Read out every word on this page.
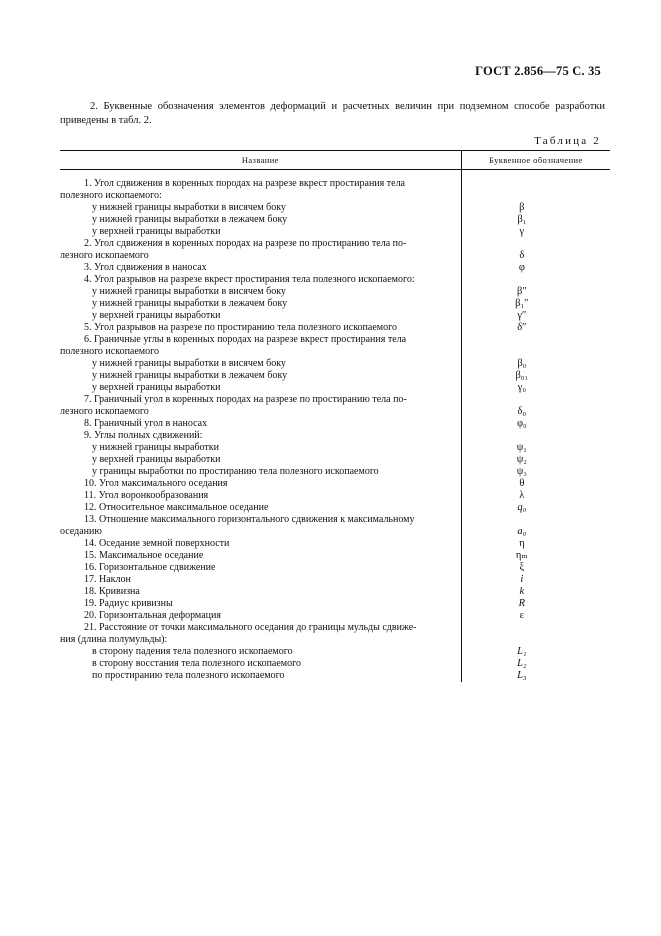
ГОСТ 2.856—75 С. 35
2. Буквенные обозначения элементов деформаций и расчетных величин при подземном способе разработки приведены в табл. 2.
Таблица 2
Название	Буквенное обозначение

1. Угол сдвижения в коренных породах на разрезе вкрест простирания тела	

полезного ископаемого:	

у нижней границы выработки в висячем боку	β

у нижней границы выработки в лежачем боку	β₁

у верхней границы выработки	γ

2. Угол сдвижения в коренных породах на разрезе по простиранию тела по-	

лезного ископаемого	δ

3. Угол сдвижения в наносах	φ

4. Угол разрывов на разрезе вкрест простирания тела полезного ископаемого:	

у нижней границы выработки в висячем боку	β″

у нижней границы выработки в лежачем боку	β₁″

у верхней границы выработки	γ″

5. Угол разрывов на разрезе по простиранию тела полезного ископаемого	δ″

6. Граничные углы в коренных породах на разрезе вкрест простирания тела	

полезного ископаемого	

у нижней границы выработки в висячем боку	β₀

у нижней границы выработки в лежачем боку	β₀₁

у верхней границы выработки	γ₀

7. Граничный угол в коренных породах на разрезе по простиранию тела по-	

лезного ископаемого	δ₀

8. Граничный угол в наносах	φ₀

9. Углы полных сдвижений:	

у нижней границы выработки	ψ₁

у верхней границы выработки	ψ₂

у границы выработки по простиранию тела полезного ископаемого	ψ₃

10. Угол максимального оседания	θ

11. Угол воронкообразования	λ

12. Относительное максимальное оседание	q₀

13. Отношение максимального горизонтального сдвижения к максимальному	

оседанию	a₀

14. Оседание земной поверхности	η

15. Максимальное оседание	ηₘ

16. Горизонтальное сдвижение	ξ

17. Наклон	i

18. Кривизна	k

19. Радиус кривизны	R

20. Горизонтальная деформация	ε

21. Расстояние от точки максимального оседания до границы мульды сдвиже-	

ния (длина полумульды):	

в сторону падения тела полезного ископаемого	L₁

в сторону восстания тела полезного ископаемого	L₂

по простиранию тела полезного ископаемого	L₃
